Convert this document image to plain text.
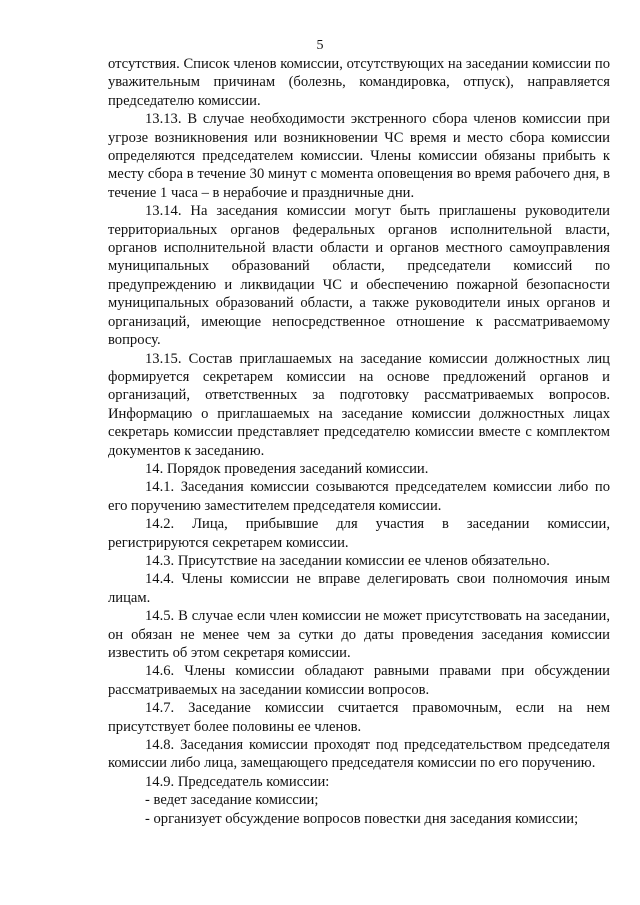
5

отсутствия. Список членов комиссии, отсутствующих на заседании комиссии по уважительным причинам (болезнь, командировка, отпуск), направляется председателю комиссии.

13.13. В случае необходимости экстренного сбора членов комиссии при угрозе возникновения или возникновении ЧС время и место сбора комиссии определяются председателем комиссии. Члены комиссии обязаны прибыть к месту сбора в течение 30 минут с момента оповещения во время рабочего дня, в течение 1 часа – в нерабочие и праздничные дни.

13.14. На заседания комиссии могут быть приглашены руководители территориальных органов федеральных органов исполнительной власти, органов исполнительной власти области и органов местного самоуправления муниципальных образований области, председатели комиссий по предупреждению и ликвидации ЧС и обеспечению пожарной безопасности муниципальных образований области, а также руководители иных органов и организаций, имеющие непосредственное отношение к рассматриваемому вопросу.

13.15. Состав приглашаемых на заседание комиссии должностных лиц формируется секретарем комиссии на основе предложений органов и организаций, ответственных за подготовку рассматриваемых вопросов. Информацию о приглашаемых на заседание комиссии должностных лицах секретарь комиссии представляет председателю комиссии вместе с комплектом документов к заседанию.

14. Порядок проведения заседаний комиссии.

14.1. Заседания комиссии созываются председателем комиссии либо по его поручению заместителем председателя комиссии.

14.2. Лица, прибывшие для участия в заседании комиссии, регистрируются секретарем комиссии.

14.3. Присутствие на заседании комиссии ее членов обязательно.

14.4. Члены комиссии не вправе делегировать свои полномочия иным лицам.

14.5. В случае если член комиссии не может присутствовать на заседании, он обязан не менее чем за сутки до даты проведения заседания комиссии известить об этом секретаря комиссии.

14.6. Члены комиссии обладают равными правами при обсуждении рассматриваемых на заседании комиссии вопросов.

14.7. Заседание комиссии считается правомочным, если на нем присутствует более половины ее членов.

14.8. Заседания комиссии проходят под председательством председателя комиссии либо лица, замещающего председателя комиссии по его поручению.

14.9. Председатель комиссии:

- ведет заседание комиссии;

- организует обсуждение вопросов повестки дня заседания комиссии;
